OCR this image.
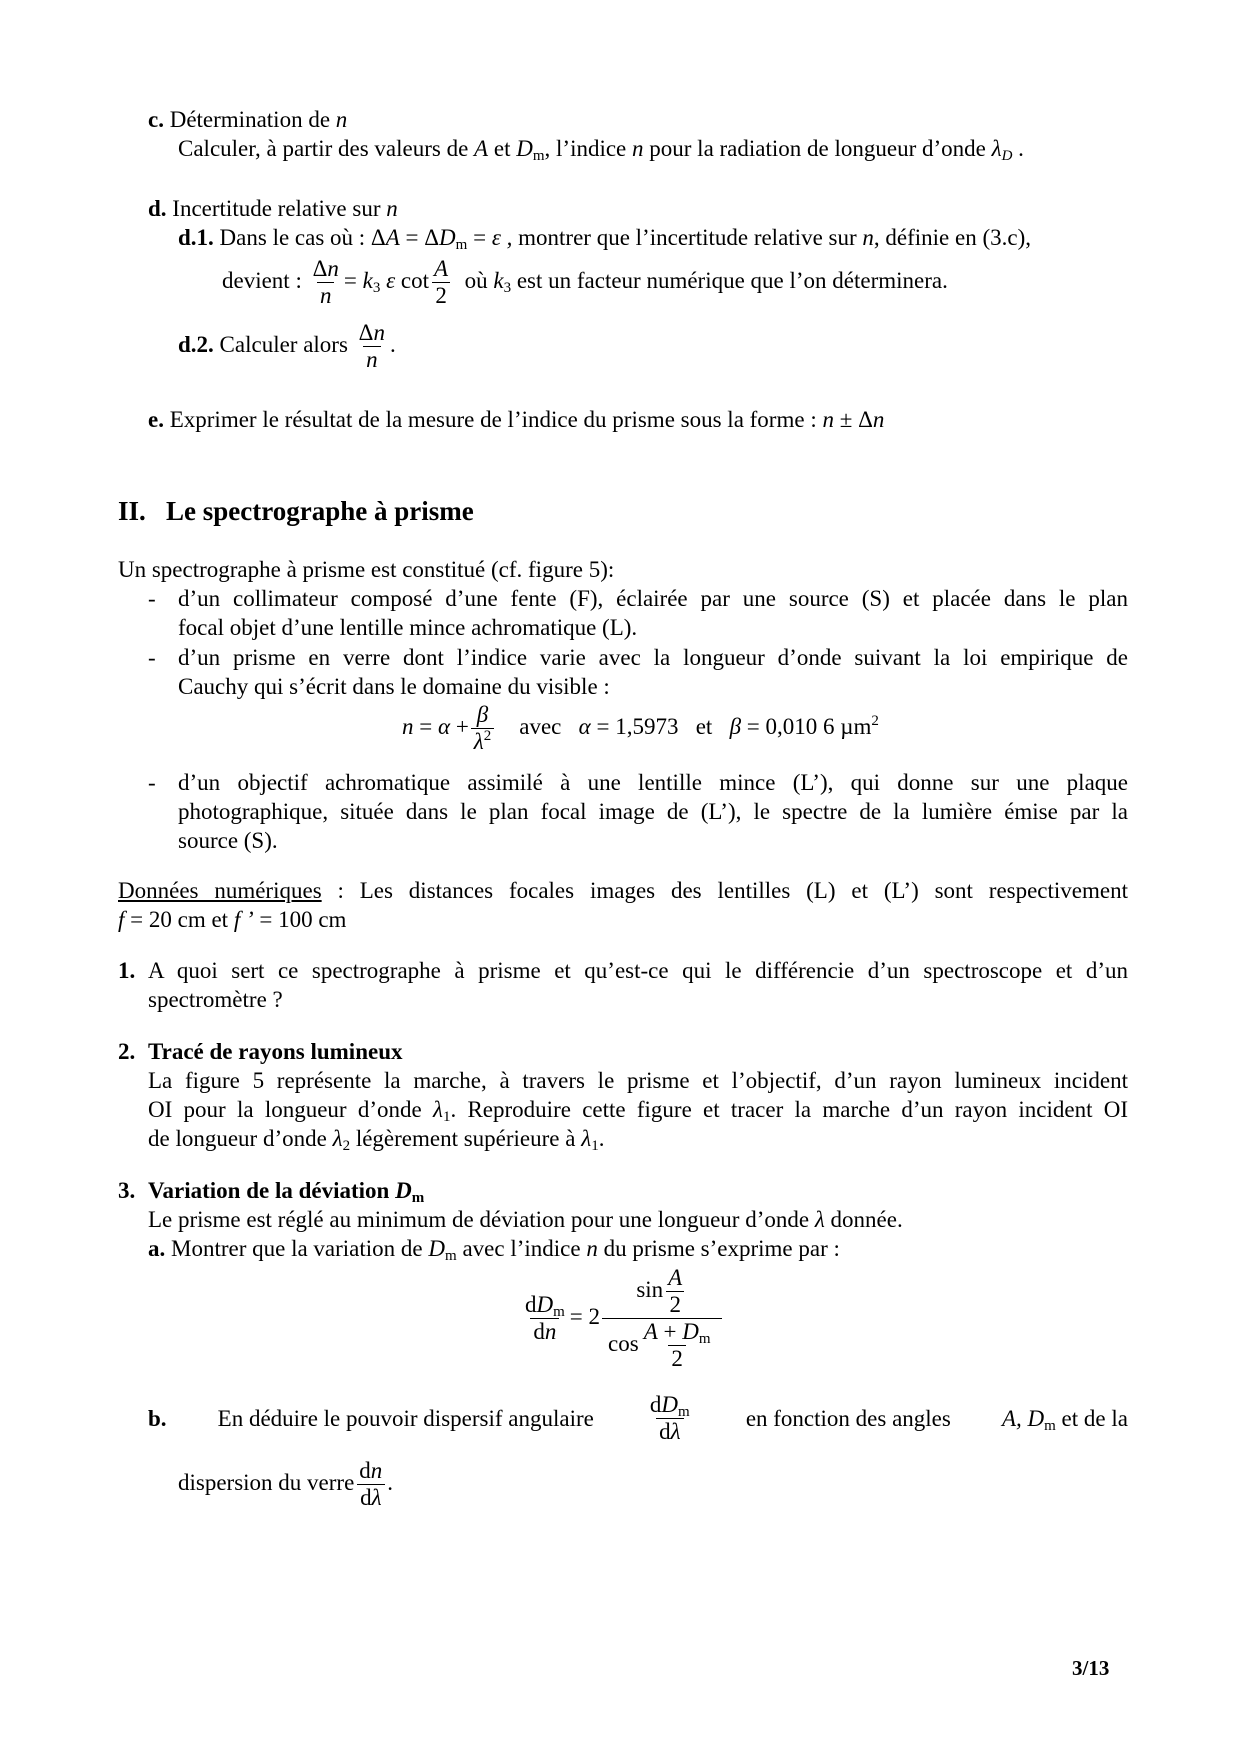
c. Détermination de n
Calculer, à partir des valeurs de A et $D_m$, l’indice n pour la radiation de longueur d’onde $\lambda_D$ .
d. Incertitude relative sur n
d.1. Dans le cas où : $\Delta A = \Delta D_m = \varepsilon$ , montrer que l’incertitude relative sur n, définie en (3.c),
devient : $\frac{\Delta n}{n} = k_3$ ε $\cot \frac{A}{2}$ où $k_3$ est un facteur numérique que l’on déterminera.
d.2. Calculer alors $\frac{\Delta n}{n}$ .
e. Exprimer le résultat de la mesure de l’indice du prisme sous la forme : n ± Δn
II. Le spectrographe à prisme
Un spectrographe à prisme est constitué (cf. figure 5):
- d’un collimateur composé d’une fente (F), éclairée par une source (S) et placée dans le plan
focal objet d’une lentille mince achromatique (L).
- d’un prisme en verre dont l’indice varie avec la longueur d’onde suivant la loi empirique de
Cauchy qui s’écrit dans le domaine du visible :
$n = \alpha + \frac{\beta}{\lambda^2}$ avec α = 1,5973 et β = 0,010 6 µm$^2$
- d’un objectif achromatique assimilé à une lentille mince (L’), qui donne sur une plaque
photographique, située dans le plan focal image de (L’), le spectre de la lumière émise par la
source (S).
Données numériques : Les distances focales images des lentilles (L) et (L’) sont respectivement
f = 20 cm et f ’ = 100 cm
1. A quoi sert ce spectrographe à prisme et qu’est-ce qui le différencie d’un spectroscope et d’un
spectromètre ?
2. Tracé de rayons lumineux
La figure 5 représente la marche, à travers le prisme et l’objectif, d’un rayon lumineux incident
OI pour la longueur d’onde $\lambda_1$. Reproduire cette figure et tracer la marche d’un rayon incident OI
de longueur d’onde $\lambda_2$ légèrement supérieure à $\lambda_1$.
3. Variation de la déviation $D_m$
Le prisme est réglé au minimum de déviation pour une longueur d’onde λ donnée.
a. Montrer que la variation de $D_m$ avec l’indice n du prisme s’exprime par :
$\frac{dD_m}{dn} = 2 \frac{\sin \frac{A}{2}}{\cos \frac{A + D_m}{2}}$
b. En déduire le pouvoir dispersif angulaire $\frac{dD_m}{d\lambda}$ en fonction des angles A, $D_m$ et de la
dispersion du verre $\frac{dn}{d\lambda}$ .
3/13
